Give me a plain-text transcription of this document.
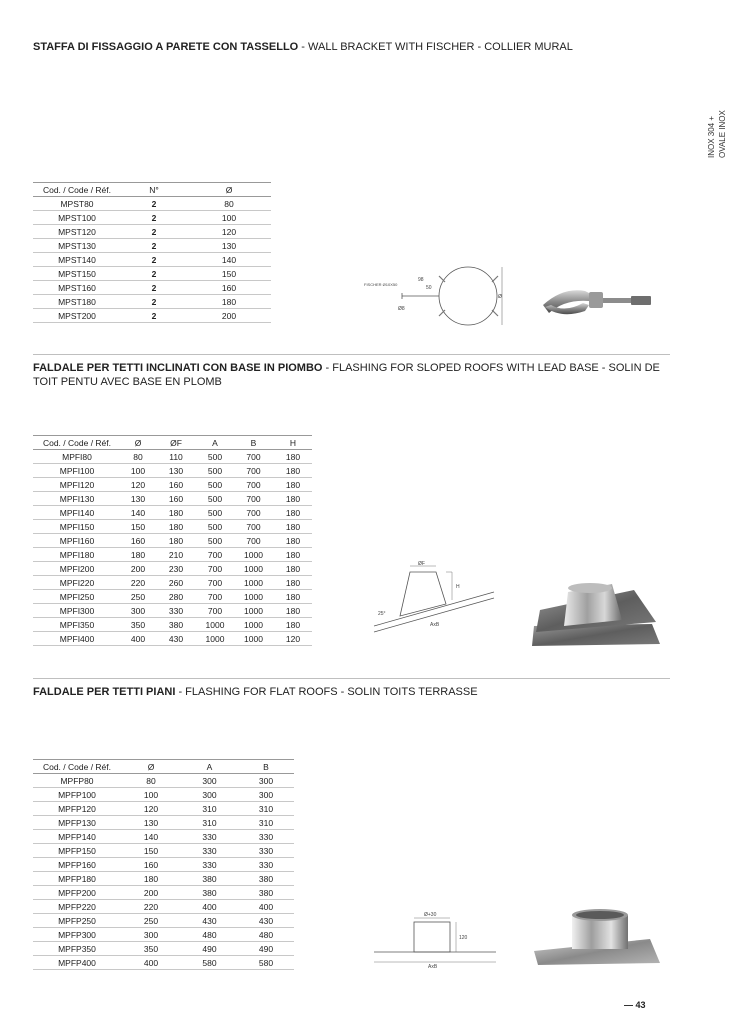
INOX 304 + OVALE INOX
STAFFA DI FISSAGGIO A PARETE CON TASSELLO - WALL BRACKET WITH FISCHER - COLLIER MURAL
Cod. / Code / Réf.	N°	Ø
MPST80	2	80
MPST100	2	100
MPST120	2	120
MPST130	2	130
MPST140	2	140
MPST150	2	150
MPST160	2	160
MPST180	2	180
MPST200	2	200
FISCHER Ø10X50
98
50
Ø8
Ø
FALDALE PER TETTI INCLINATI CON BASE IN PIOMBO - FLASHING FOR SLOPED ROOFS WITH LEAD BASE - SOLIN DE TOIT PENTU AVEC BASE EN PLOMB
Cod. / Code / Réf.	Ø	ØF	A	B	H
MPFI80	80	110	500	700	180
MPFI100	100	130	500	700	180
MPFI120	120	160	500	700	180
MPFI130	130	160	500	700	180
MPFI140	140	180	500	700	180
MPFI150	150	180	500	700	180
MPFI160	160	180	500	700	180
MPFI180	180	210	700	1000	180
MPFI200	200	230	700	1000	180
MPFI220	220	260	700	1000	180
MPFI250	250	280	700	1000	180
MPFI300	300	330	700	1000	180
MPFI350	350	380	1000	1000	180
MPFI400	400	430	1000	1000	120
ØF
H
25°
AxB
FALDALE PER TETTI PIANI - FLASHING FOR FLAT ROOFS - SOLIN TOITS TERRASSE
Cod. / Code / Réf.	Ø	A	B
MPFP80	80	300	300
MPFP100	100	300	300
MPFP120	120	310	310
MPFP130	130	310	310
MPFP140	140	330	330
MPFP150	150	330	330
MPFP160	160	330	330
MPFP180	180	380	380
MPFP200	200	380	380
MPFP220	220	400	400
MPFP250	250	430	430
MPFP300	300	480	480
MPFP350	350	490	490
MPFP400	400	580	580
Ø+30
120
AxB
— 43
